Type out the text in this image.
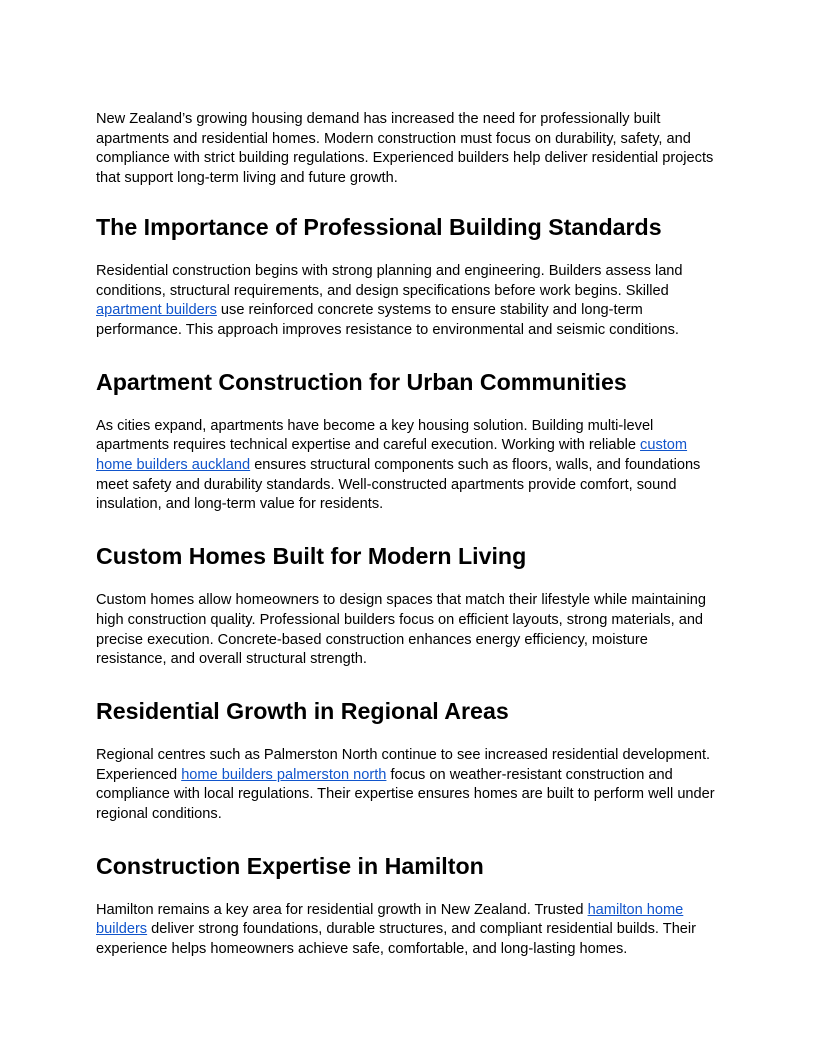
New Zealand’s growing housing demand has increased the need for professionally built apartments and residential homes. Modern construction must focus on durability, safety, and compliance with strict building regulations. Experienced builders help deliver residential projects that support long-term living and future growth.

The Importance of Professional Building Standards

Residential construction begins with strong planning and engineering. Builders assess land conditions, structural requirements, and design specifications before work begins. Skilled apartment builders use reinforced concrete systems to ensure stability and long-term performance. This approach improves resistance to environmental and seismic conditions.

Apartment Construction for Urban Communities

As cities expand, apartments have become a key housing solution. Building multi-level apartments requires technical expertise and careful execution. Working with reliable custom home builders auckland ensures structural components such as floors, walls, and foundations meet safety and durability standards. Well-constructed apartments provide comfort, sound insulation, and long-term value for residents.

Custom Homes Built for Modern Living

Custom homes allow homeowners to design spaces that match their lifestyle while maintaining high construction quality. Professional builders focus on efficient layouts, strong materials, and precise execution. Concrete-based construction enhances energy efficiency, moisture resistance, and overall structural strength.

Residential Growth in Regional Areas

Regional centres such as Palmerston North continue to see increased residential development. Experienced home builders palmerston north focus on weather-resistant construction and compliance with local regulations. Their expertise ensures homes are built to perform well under regional conditions.

Construction Expertise in Hamilton

Hamilton remains a key area for residential growth in New Zealand. Trusted hamilton home builders deliver strong foundations, durable structures, and compliant residential builds. Their experience helps homeowners achieve safe, comfortable, and long-lasting homes.
